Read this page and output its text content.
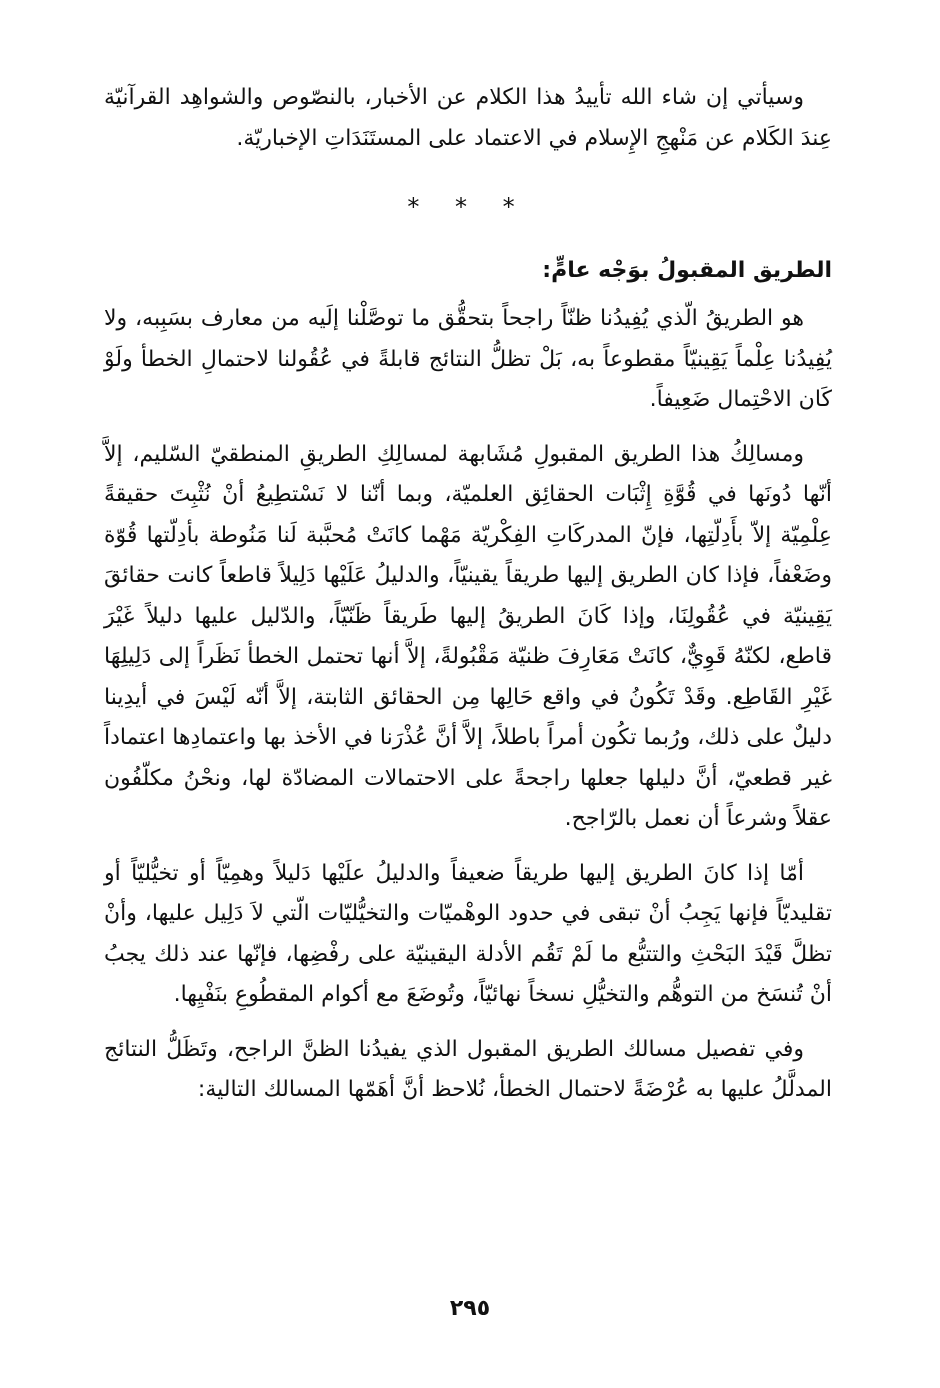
وسيأتي إن شاء الله تأييدُ هذا الكلام عن الأخبار، بالنصّوص والشواهِد القرآنيّة عِندَ الكَلام عن مَنْهجِ الإِسلام في الاعتماد على المستَنَدَاتِ الإخباريّة.

* * *
الطريق المقبولُ بوَجْه عامٍّ:

هو الطريقُ الّذي يُفِيدُنا ظنّاً راجحاً بتحقُّق ما توصَّلْنا إلَيه من معارف بسَبِبه، ولا يُفِيدُنا عِلْماً يَقِينيّاً مقطوعاً به، بَلْ تظلُّ النتائج قابلةً في عُقُولنا لاحتمالِ الخطأ ولَوْ كَان الاحْتِمال ضَعِيفاً.

ومسالِكُ هذا الطريق المقبولِ مُشَابهة لمسالِكِ الطريقِ المنطقيّ السّليم، إلاَّ أنّها دُونَها في قُوَّةِ إِثْبَات الحقائِق العلميّة، وبما أنّنا لا نَسْتطِيعُ أنْ نُثْبِتَ حقيقةً عِلْمِيّة إلاّ بأَدِلّتِها، فإنّ المدركَاتِ الفِكْريّة مَهْما كانَتْ مُحبَّبة لَنا مَنُوطة بأدِلّتها قُوّة وضَعْفاً، فإذا كان الطريق إليها طريقاً يقينيّاً، والدليلُ عَلَيْها دَلِيلاً قاطعاً كانت حقائقَ يَقِينيّة في عُقُولِنَا، وإذا كَانَ الطريقُ إليها طَريقاً ظَنّيّاً، والدّليل عليها دليلاً غَيْرَ قاطع، لكنّهُ قَوِيٌّ، كانَتْ مَعَارِفَ ظنيّة مَقْبُولةً، إلاَّ أنها تحتمل الخطأ نَظَراً إلى دَلِيلِهَا غَيْرِ القَاطِع. وقَدْ تَكُونُ في واقع حَالِها مِن الحقائق الثابتة، إلاَّ أنّه لَيْسَ في أيدِينا دليلٌ على ذلك، ورُبما تكُون أمراً باطلاً، إلاَّ أنَّ عُذْرَنا في الأخذ بها واعتمادِها اعتماداً غير قطعيّ، أنَّ دليلها جعلها راجحةً على الاحتمالات المضادّة لها، ونحْنُ مكلّفُون عقلاً وشرعاً أن نعمل بالرّاجح.

أمّا إذا كانَ الطريق إليها طريقاً ضعيفاً والدليلُ علَيْها دَليلاً وهمِيّاً أو تخيُّليّاً أو تقليديّاً فإنها يَجِبُ أنْ تبقى في حدود الوهْميّات والتخيُّليّات الّتي لاَ دَلِيل عليها، وأنْ تظلَّ قَيْدَ البَحْثِ والتتبُّع ما لَمْ تَقُم الأدلة اليقينيّة على رفْضِها، فإنّها عند ذلك يجبُ أنْ تُنسَخ من التوهُّم والتخيُّلِ نسخاً نهائيّاً، وتُوضَعَ مع أكوام المقطُوعِ بنَفْيِها.

وفي تفصيل مسالك الطريق المقبول الذي يفيدُنا الظنَّ الراجح، وتَظَلُّ النتائج المدلَّلُ عليها به عُرْضَةً لاحتمال الخطأ، نُلاحظ أنَّ أهَمّها المسالك التالية:

٢٩٥
